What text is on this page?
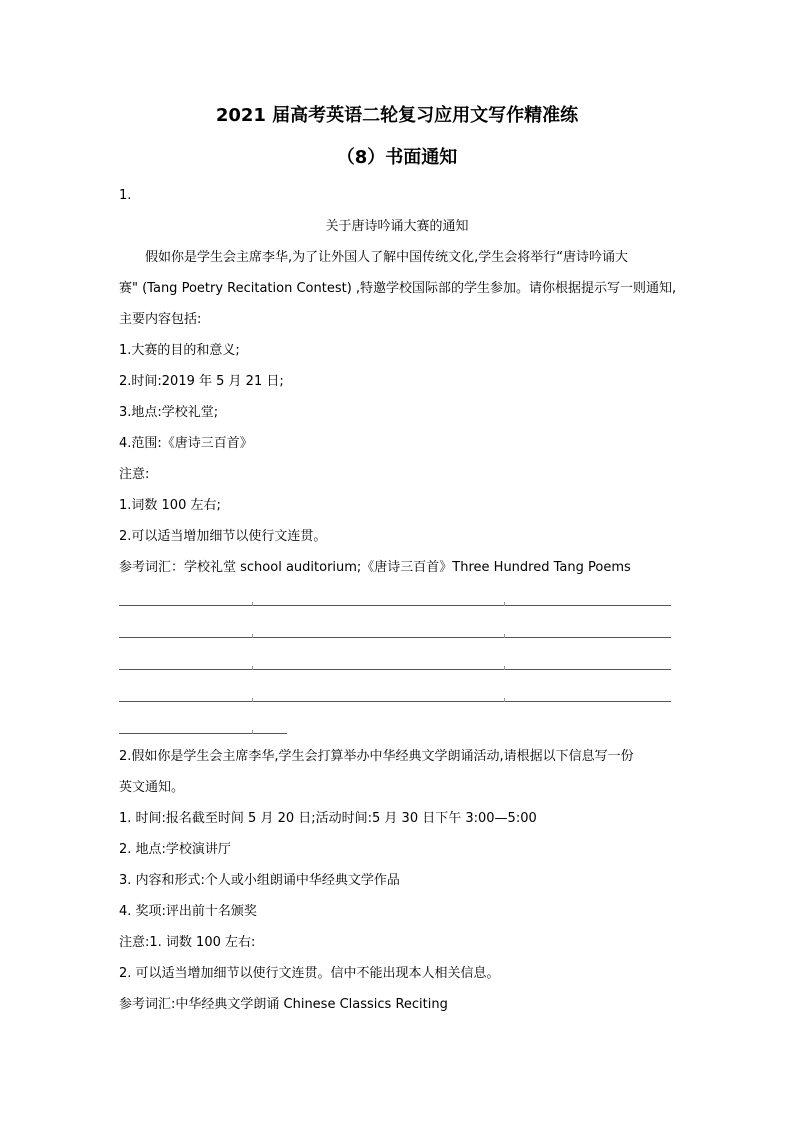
2021 届高考英语二轮复习应用文写作精准练
（8）书面通知
1.
关于唐诗吟诵大赛的通知
假如你是学生会主席李华,为了让外国人了解中国传统文化,学生会将举行“唐诗吟诵大
赛" (Tang Poetry Recitation Contest) ,特邀学校国际部的学生参加。请你根据提示写一则通知,
主要内容包括:
1.大赛的目的和意义;
2.时间:2019 年 5 月 21 日;
3.地点:学校礼堂;
4.范围:《唐诗三百首》
注意:
1.词数 100 左右;
2.可以适当增加细节以使行文连贯。
参考词汇：学校礼堂 school auditorium;《唐诗三百首》Three Hundred Tang Poems
2.假如你是学生会主席李华,学生会打算举办中华经典文学朗诵活动,请根据以下信息写一份
英文通知。
1. 时间:报名截至时间 5 月 20 日;活动时间:5 月 30 日下午 3:00—5:00
2. 地点:学校演讲厅
3. 内容和形式:个人或小组朗诵中华经典文学作品
4. 奖项:评出前十名颁奖
注意:1. 词数 100 左右:
2. 可以适当增加细节以使行文连贯。信中不能出现本人相关信息。
参考词汇:中华经典文学朗诵 Chinese Classics Reciting
